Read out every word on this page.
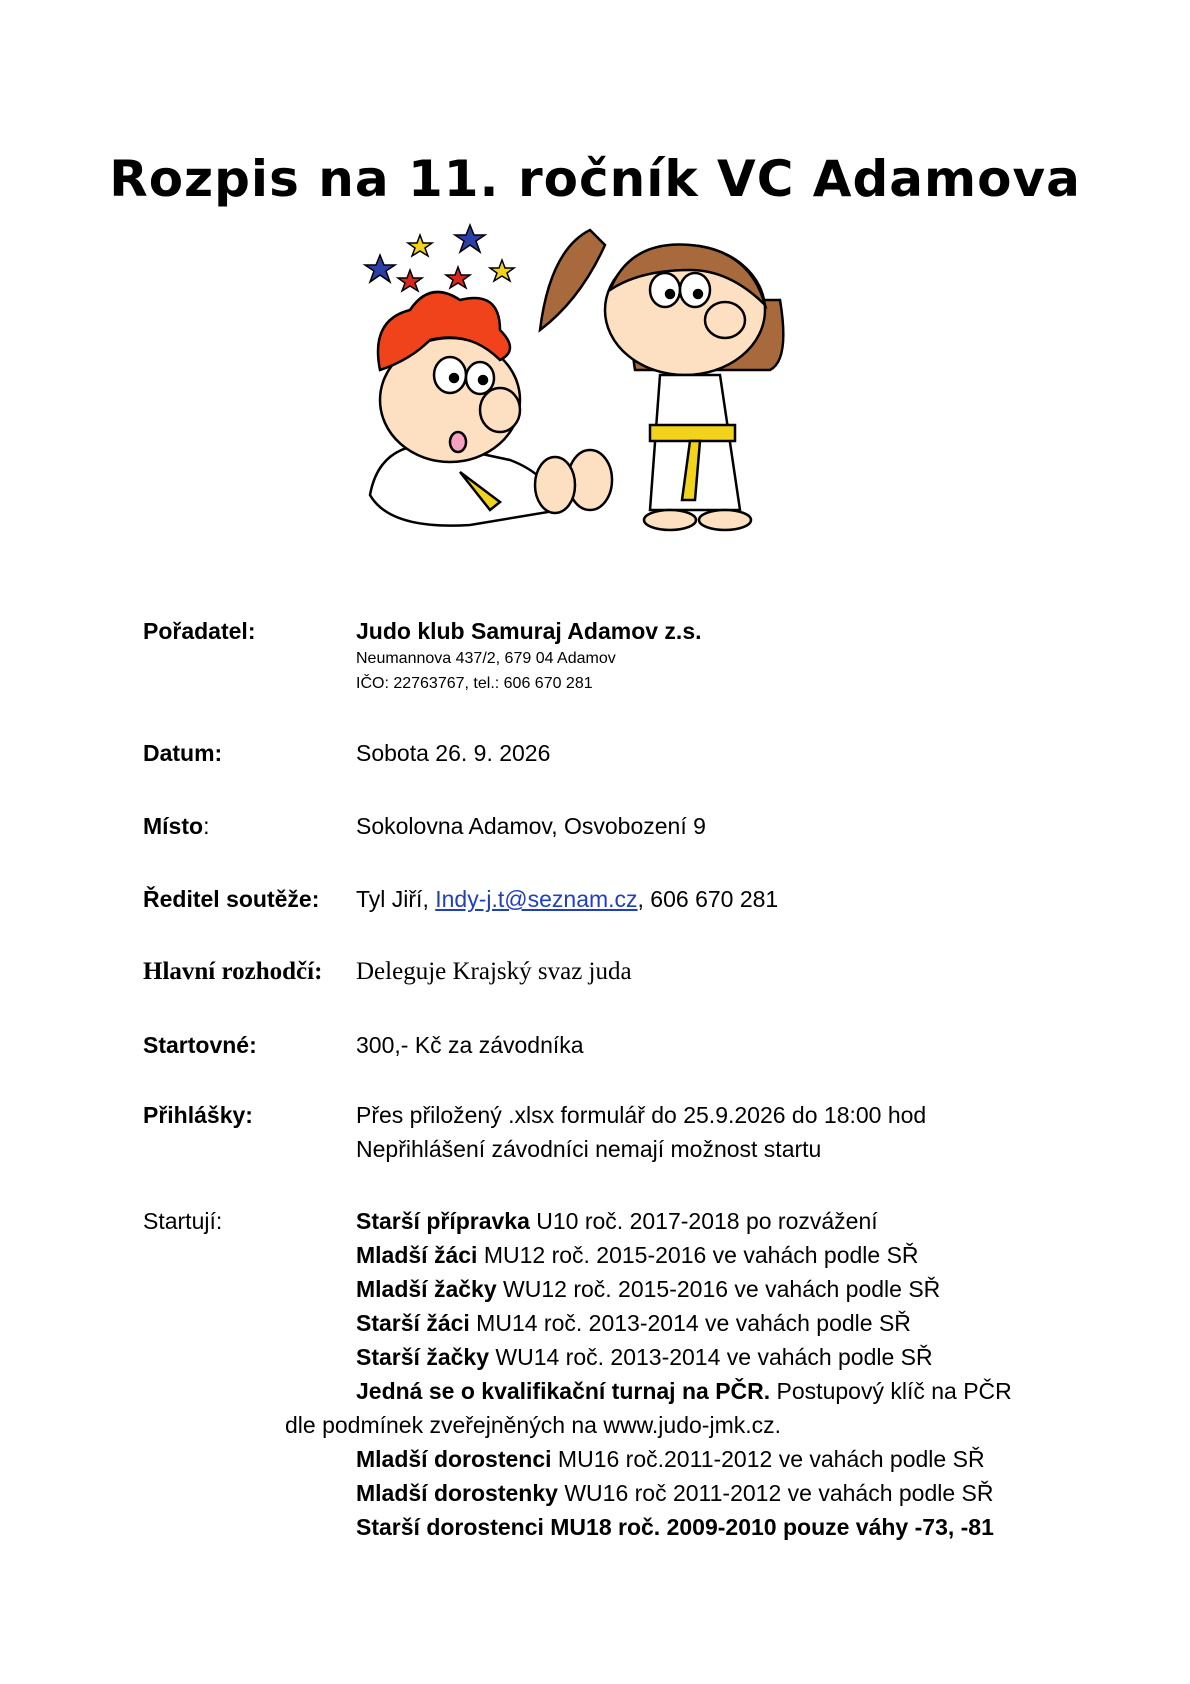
Rozpis na 11. ročník VC Adamova
Pořadatel:	Judo klub Samuraj Adamov z.s.
Neumannova 437/2, 679 04 Adamov
IČO: 22763767, tel.: 606 670 281
Datum:	Sobota 26. 9. 2026
Místo:	Sokolovna Adamov, Osvobození 9
Ředitel soutěže: Tyl Jiří, Indy-j.t@seznam.cz, 606 670 281
Hlavní rozhodčí: Deleguje Krajský svaz juda
Startovné:	300,- Kč za závodníka
Přihlášky:	Přes přiložený .xlsx formulář do 25.9.2026 do 18:00 hod
Nepřihlášení závodníci nemají možnost startu
Startují:	Starší přípravka U10 roč. 2017-2018 po rozvážení
Mladší žáci MU12 roč. 2015-2016 ve vahách podle SŘ
Mladší žačky WU12 roč. 2015-2016 ve vahách podle SŘ
Starší žáci MU14 roč. 2013-2014 ve vahách podle SŘ
Starší žačky WU14 roč. 2013-2014 ve vahách podle SŘ
Jedná se o kvalifikační turnaj na PČR. Postupový klíč na PČR
dle podmínek zveřejněných na www.judo-jmk.cz.
Mladší dorostenci MU16 roč.2011-2012 ve vahách podle SŘ
Mladší dorostenky WU16 roč 2011-2012 ve vahách podle SŘ
Starší dorostenci MU18 roč. 2009-2010 pouze váhy -73, -81
